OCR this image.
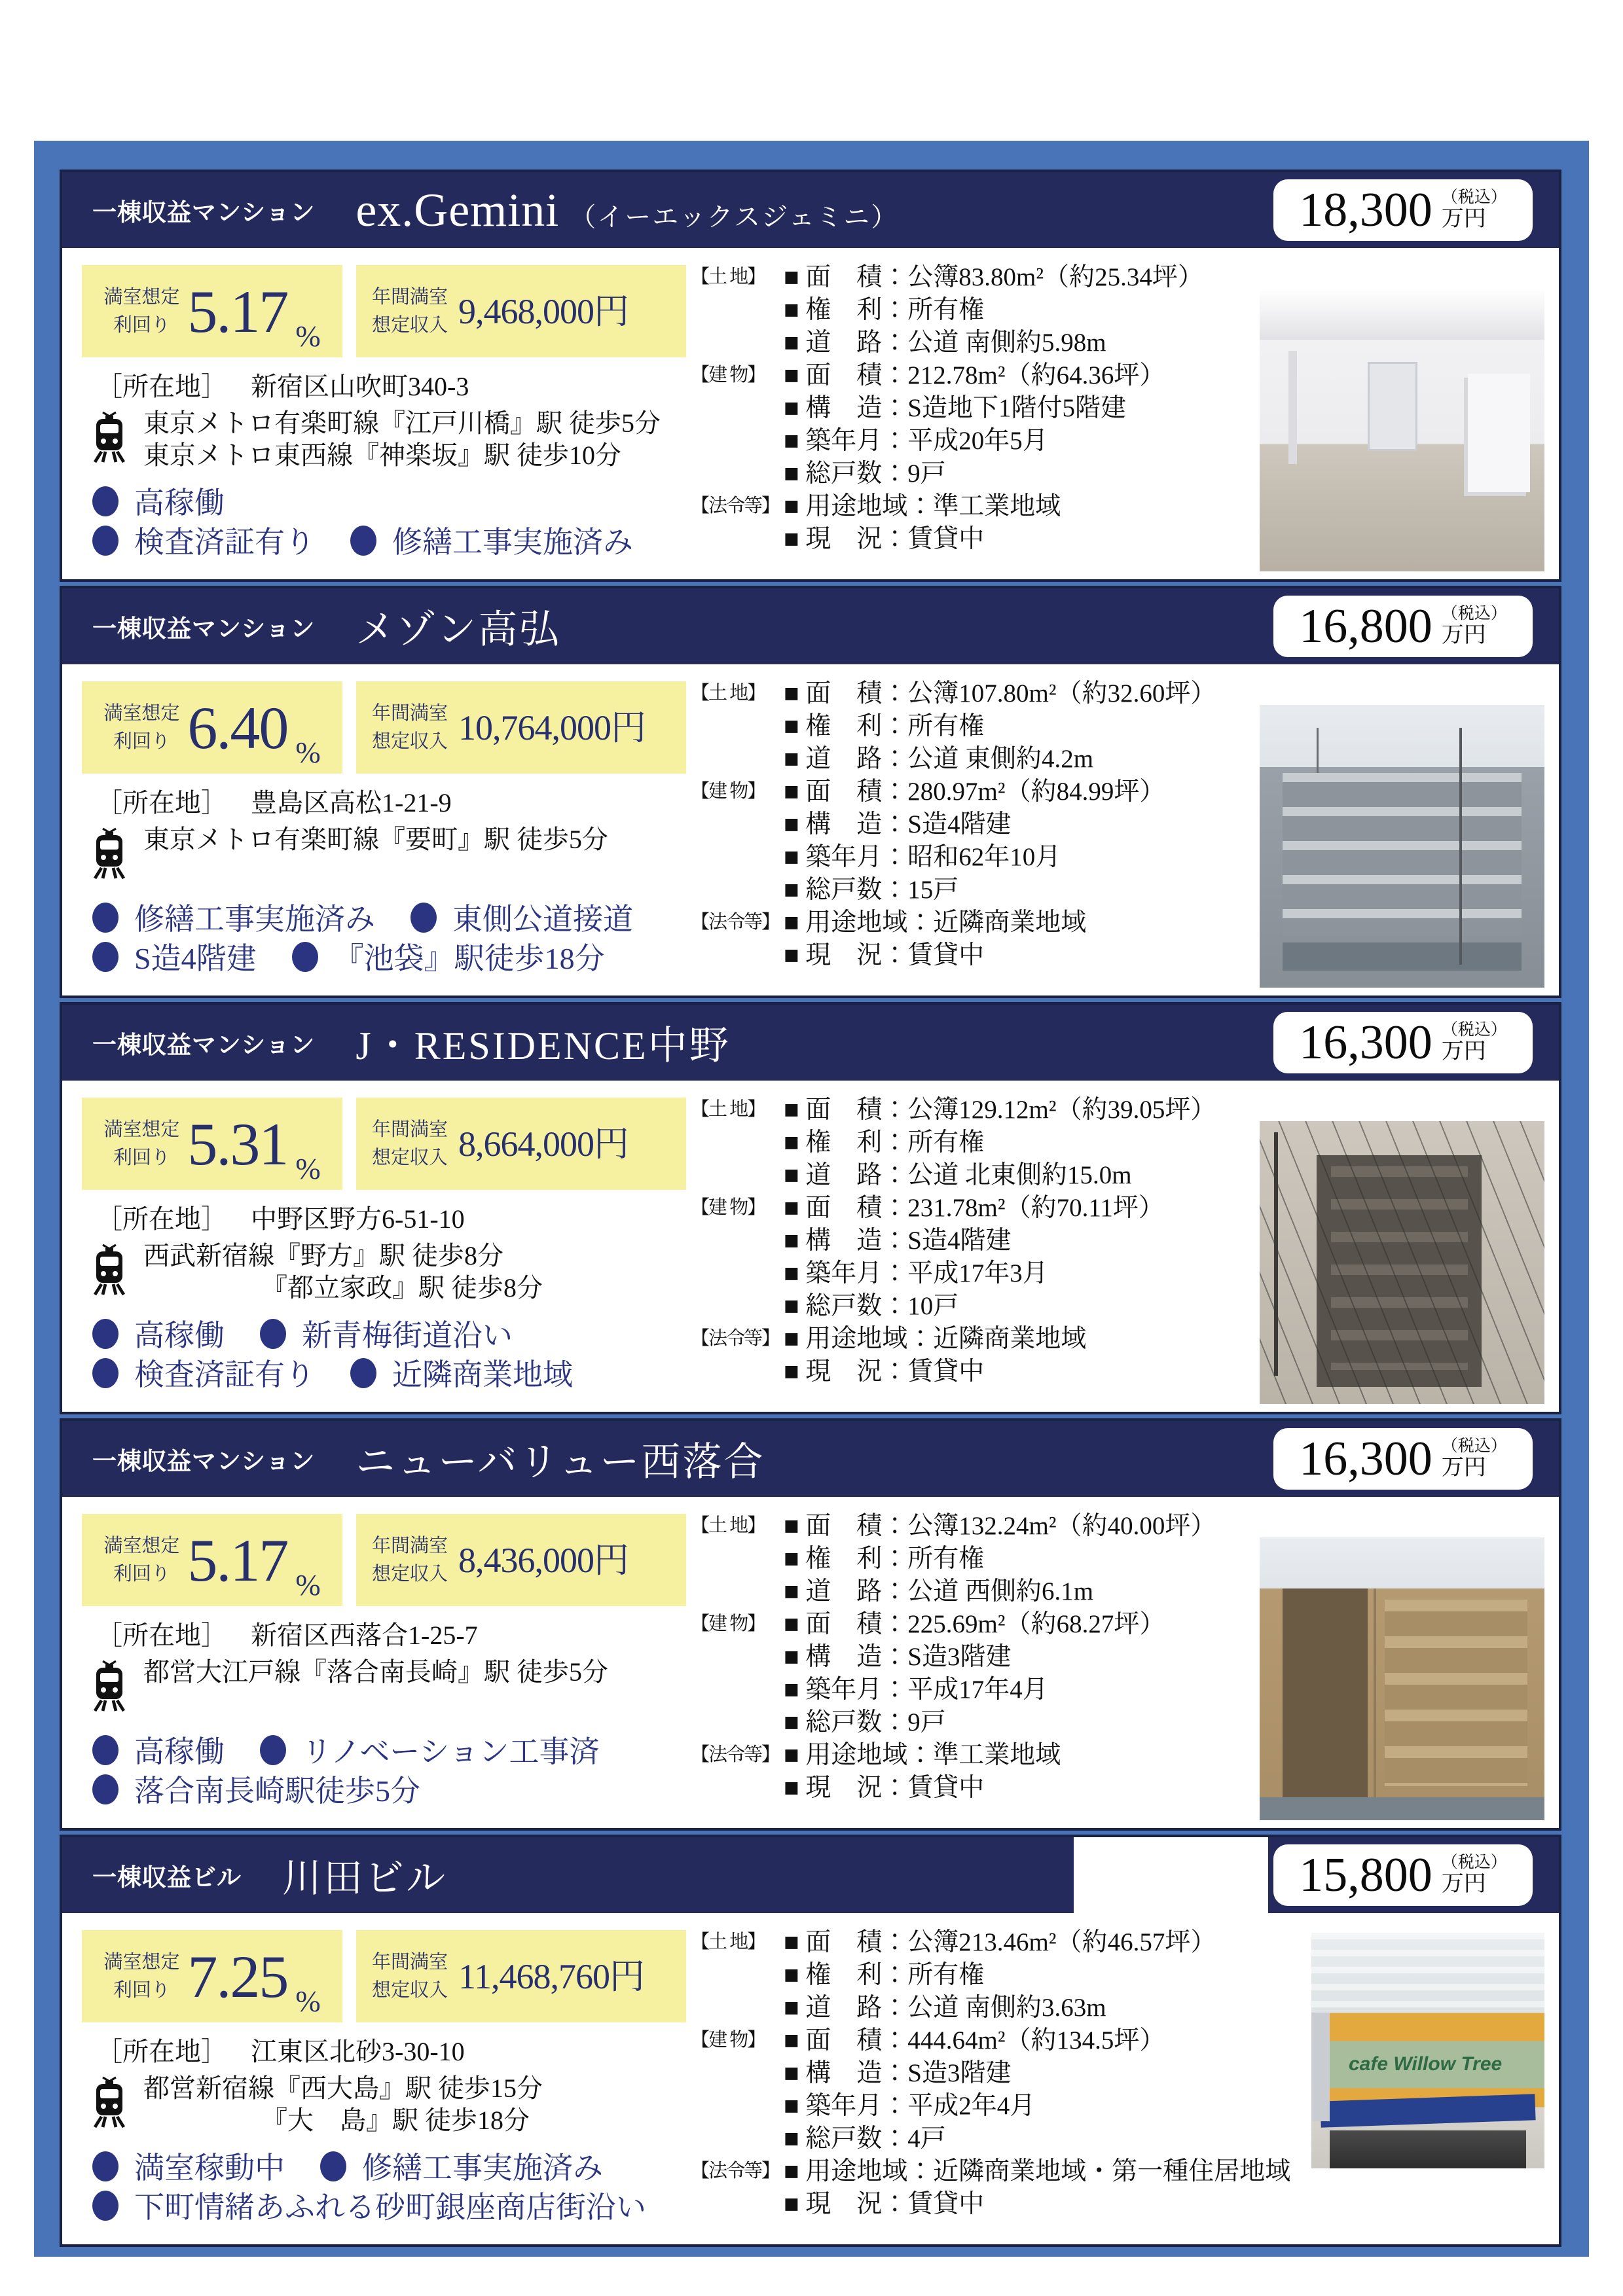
一棟収益マンション ex.Gemini （イーエックスジェミニ）	18,300 （税込）
万円
満室想定
利回り 5.17 %
年間満室
想定収入 9,468,000円
［所在地］ 新宿区山吹町340-3
東京メトロ有楽町線『江戸川橋』駅 徒歩5分
東京メトロ東西線『神楽坂』駅 徒歩10分
高稼働
検査済証有り	修繕工事実施済み
【土 地】 ■ 面　積：公簿83.80m²（約25.34坪）
■ 権　利：所有権
■ 道　路：公道 南側約5.98m
【建 物】 ■ 面　積：212.78m²（約64.36坪）
■ 構　造：S造地下1階付5階建
■ 築年月：平成20年5月
■ 総戸数：9戸
【法令等】 ■ 用途地域：準工業地域
■ 現　況：賃貸中
一棟収益マンション メゾン高弘	16,800 （税込）
万円
満室想定
利回り 6.40 %
年間満室
想定収入 10,764,000円
［所在地］ 豊島区高松1-21-9
東京メトロ有楽町線『要町』駅 徒歩5分
修繕工事実施済み	東側公道接道
S造4階建	『池袋』駅徒歩18分
【土 地】 ■ 面　積：公簿107.80m²（約32.60坪）
■ 権　利：所有権
■ 道　路：公道 東側約4.2m
【建 物】 ■ 面　積：280.97m²（約84.99坪）
■ 構　造：S造4階建
■ 築年月：昭和62年10月
■ 総戸数：15戸
【法令等】 ■ 用途地域：近隣商業地域
■ 現　況：賃貸中
一棟収益マンション J・RESIDENCE中野	16,300 （税込）
万円
満室想定
利回り 5.31 %
年間満室
想定収入 8,664,000円
［所在地］ 中野区野方6-51-10
西武新宿線『野方』駅 徒歩8分
　　　　　『都立家政』駅 徒歩8分
高稼働	新青梅街道沿い
検査済証有り	近隣商業地域
【土 地】 ■ 面　積：公簿129.12m²（約39.05坪）
■ 権　利：所有権
■ 道　路：公道 北東側約15.0m
【建 物】 ■ 面　積：231.78m²（約70.11坪）
■ 構　造：S造4階建
■ 築年月：平成17年3月
■ 総戸数：10戸
【法令等】 ■ 用途地域：近隣商業地域
■ 現　況：賃貸中
一棟収益マンション ニューバリュー西落合	16,300 （税込）
万円
満室想定
利回り 5.17 %
年間満室
想定収入 8,436,000円
［所在地］ 新宿区西落合1-25-7
都営大江戸線『落合南長崎』駅 徒歩5分
高稼働	リノベーション工事済
落合南長崎駅徒歩5分
【土 地】 ■ 面　積：公簿132.24m²（約40.00坪）
■ 権　利：所有権
■ 道　路：公道 西側約6.1m
【建 物】 ■ 面　積：225.69m²（約68.27坪）
■ 構　造：S造3階建
■ 築年月：平成17年4月
■ 総戸数：9戸
【法令等】 ■ 用途地域：準工業地域
■ 現　況：賃貸中
一棟収益ビル 川田ビル	15,800 （税込）
万円
満室想定
利回り 7.25 %
年間満室
想定収入 11,468,760円
［所在地］ 江東区北砂3-30-10
都営新宿線『西大島』駅 徒歩15分
　　　　　『大　島』駅 徒歩18分
満室稼動中	修繕工事実施済み
下町情緒あふれる砂町銀座商店街沿い
【土 地】 ■ 面　積：公簿213.46m²（約46.57坪）
■ 権　利：所有権
■ 道　路：公道 南側約3.63m
【建 物】 ■ 面　積：444.64m²（約134.5坪）
■ 構　造：S造3階建
■ 築年月：平成2年4月
■ 総戸数：4戸
【法令等】 ■ 用途地域：近隣商業地域・第一種住居地域
■ 現　況：賃貸中
cafe Willow Tree
